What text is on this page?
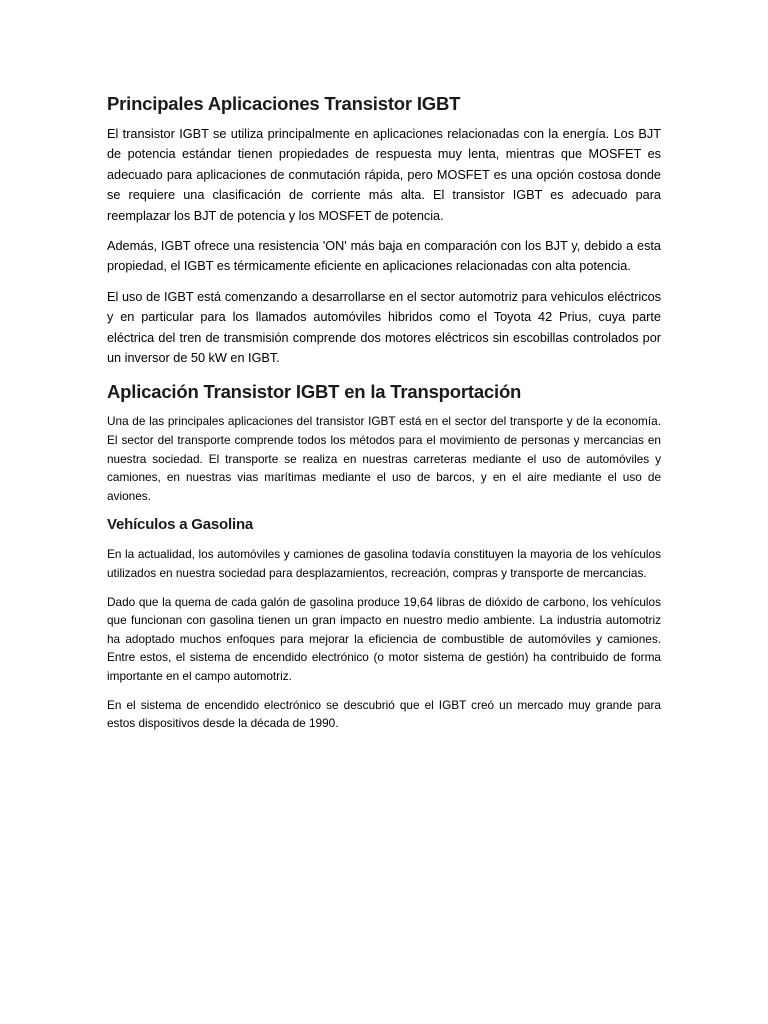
Principales Aplicaciones Transistor IGBT

El transistor IGBT se utiliza principalmente en aplicaciones relacionadas con la energía. Los BJT de potencia estándar tienen propiedades de respuesta muy lenta, mientras que MOSFET es adecuado para aplicaciones de conmutación rápida, pero MOSFET es una opción costosa donde se requiere una clasificación de corriente más alta. El transistor IGBT es adecuado para reemplazar los BJT de potencia y los MOSFET de potencia.

Además, IGBT ofrece una resistencia 'ON' más baja en comparación con los BJT y, debido a esta propiedad, el IGBT es térmicamente eficiente en aplicaciones relacionadas con alta potencia.

El uso de IGBT está comenzando a desarrollarse en el sector automotriz para vehiculos eléctricos y en particular para los llamados automóviles hibridos como el Toyota 42 Prius, cuya parte eléctrica del tren de transmisión comprende dos motores eléctricos sin escobillas controlados por un inversor de 50 kW en IGBT.

Aplicación Transistor IGBT en la Transportación

Una de las principales aplicaciones del transistor IGBT está en el sector del transporte y de la economía. El sector del transporte comprende todos los métodos para el movimiento de personas y mercancias en nuestra sociedad. El transporte se realiza en nuestras carreteras mediante el uso de automóviles y camiones, en nuestras vias marítimas mediante el uso de barcos, y en el aire mediante el uso de aviones.

Vehículos a Gasolina

En la actualidad, los automóviles y camiones de gasolina todavía constituyen la mayoria de los vehículos utilizados en nuestra sociedad para desplazamientos, recreación, compras y transporte de mercancias.

Dado que la quema de cada galón de gasolina produce 19,64 libras de dióxido de carbono, los vehículos que funcionan con gasolina tienen un gran impacto en nuestro medio ambiente. La industria automotriz ha adoptado muchos enfoques para mejorar la eficiencia de combustible de automóviles y camiones. Entre estos, el sistema de encendido electrónico (o motor sistema de gestión) ha contribuido de forma importante en el campo automotriz.

En el sistema de encendido electrónico se descubrió que el IGBT creó un mercado muy grande para estos dispositivos desde la década de 1990.
